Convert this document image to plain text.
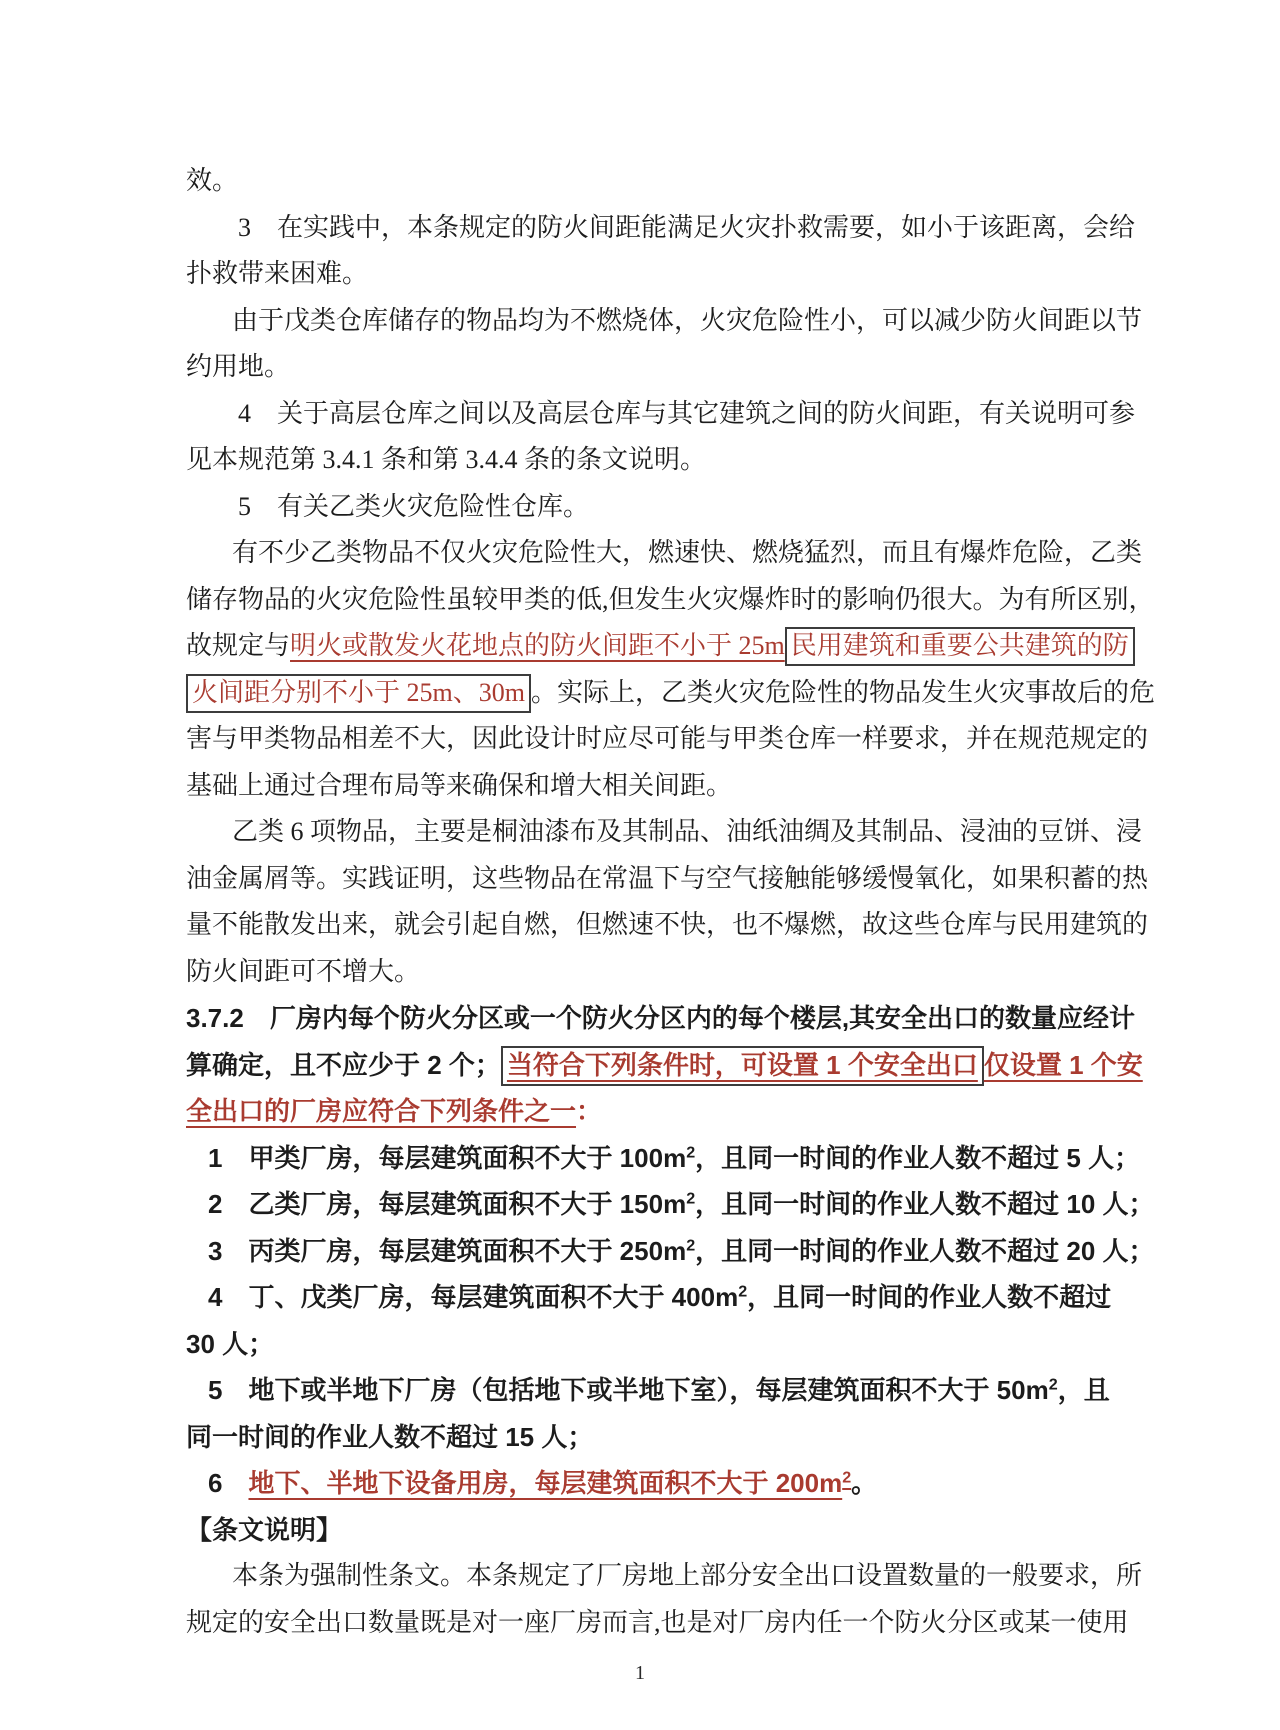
效。
3　在实践中，本条规定的防火间距能满足火灾扑救需要，如小于该距离，会给
扑救带来困难。
由于戊类仓库储存的物品均为不燃烧体，火灾危险性小，可以减少防火间距以节
约用地。
4　关于高层仓库之间以及高层仓库与其它建筑之间的防火间距，有关说明可参
见本规范第 3.4.1 条和第 3.4.4 条的条文说明。
5　有关乙类火灾危险性仓库。
有不少乙类物品不仅火灾危险性大，燃速快、燃烧猛烈，而且有爆炸危险，乙类
储存物品的火灾危险性虽较甲类的低,但发生火灾爆炸时的影响仍很大。为有所区别，
故规定与明火或散发火花地点的防火间距不小于 25m 民用建筑和重要公共建筑的防
火间距分别不小于 25m、30m 。实际上，乙类火灾危险性的物品发生火灾事故后的危
害与甲类物品相差不大，因此设计时应尽可能与甲类仓库一样要求，并在规范规定的
基础上通过合理布局等来确保和增大相关间距。
乙类 6 项物品，主要是桐油漆布及其制品、油纸油绸及其制品、浸油的豆饼、浸
油金属屑等。实践证明，这些物品在常温下与空气接触能够缓慢氧化，如果积蓄的热
量不能散发出来，就会引起自燃，但燃速不快，也不爆燃，故这些仓库与民用建筑的
防火间距可不增大。
3.7.2　厂房内每个防火分区或一个防火分区内的每个楼层,其安全出口的数量应经计
算确定，且不应少于 2 个； 当符合下列条件时，可设置 1 个安全出口 仅设置 1 个安
全出口的厂房应符合下列条件之一：
1　甲类厂房，每层建筑面积不大于 $100m^2$，且同一时间的作业人数不超过 5 人；
2　乙类厂房，每层建筑面积不大于 $150m^2$，且同一时间的作业人数不超过 10 人；
3　丙类厂房，每层建筑面积不大于 $250m^2$，且同一时间的作业人数不超过 20 人；
4　丁、戊类厂房，每层建筑面积不大于 $400m^2$，且同一时间的作业人数不超过
30 人；
5　地下或半地下厂房（包括地下或半地下室），每层建筑面积不大于 $50m^2$，且
同一时间的作业人数不超过 15 人；
6　地下、半地下设备用房，每层建筑面积不大于 $200m^2$。
【条文说明】
本条为强制性条文。本条规定了厂房地上部分安全出口设置数量的一般要求，所
规定的安全出口数量既是对一座厂房而言,也是对厂房内任一个防火分区或某一使用
1
